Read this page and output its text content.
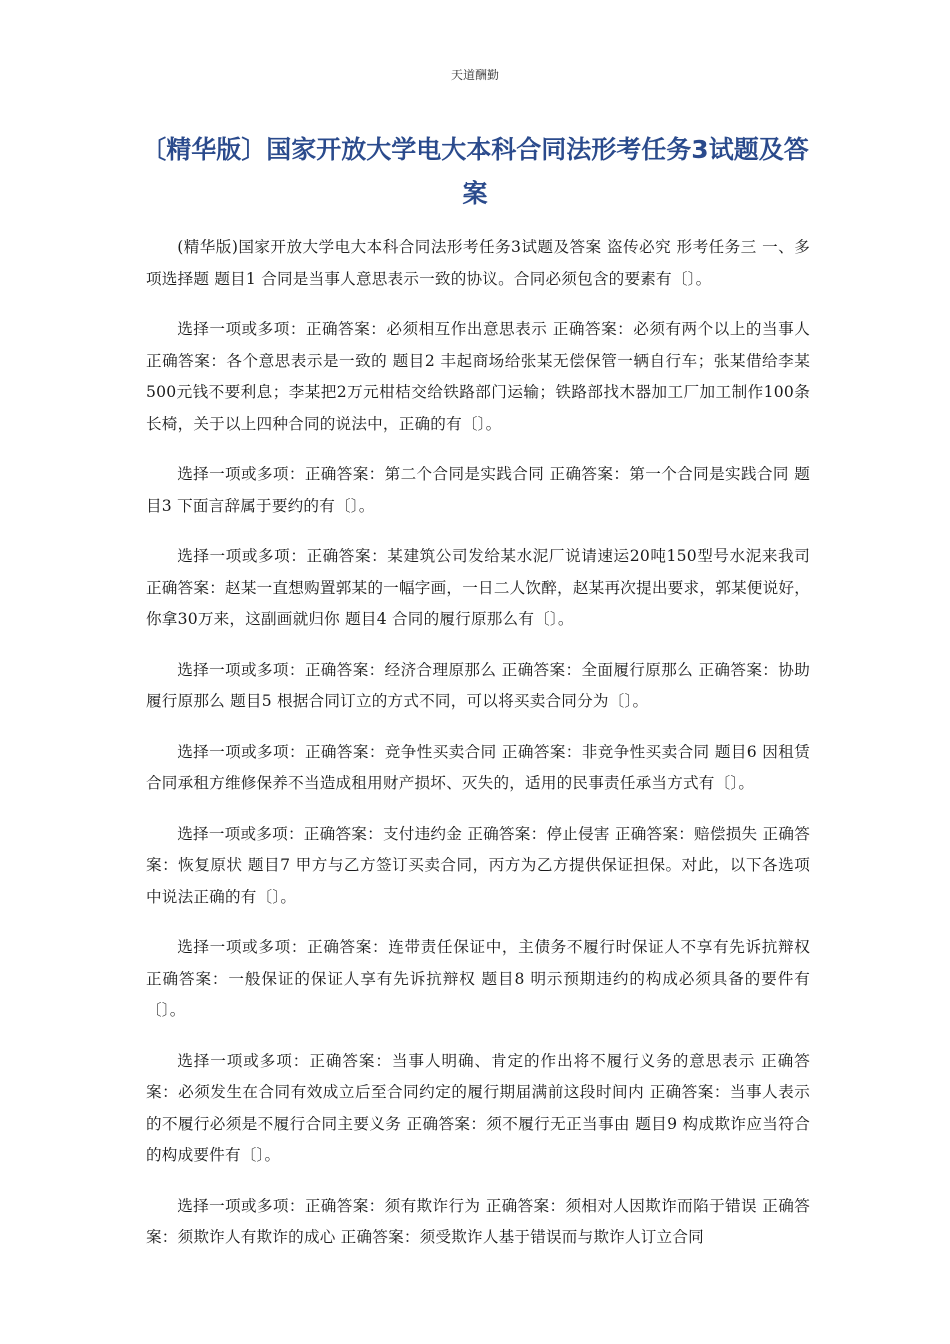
天道酬勤
〔精华版〕国家开放大学电大本科合同法形考任务3试题及答案

(精华版)国家开放大学电大本科合同法形考任务3试题及答案 盗传必究 形考任务三 一、多项选择题 题目1 合同是当事人意思表示一致的协议。合同必须包含的要素有〔〕。

选择一项或多项：正确答案：必须相互作出意思表示 正确答案：必须有两个以上的当事人 正确答案：各个意思表示是一致的 题目2 丰起商场给张某无偿保管一辆自行车；张某借给李某500元钱不要利息；李某把2万元柑桔交给铁路部门运输；铁路部找木器加工厂加工制作100条长椅，关于以上四种合同的说法中，正确的有〔〕。

选择一项或多项：正确答案：第二个合同是实践合同 正确答案：第一个合同是实践合同 题目3 下面言辞属于要约的有〔〕。

选择一项或多项：正确答案：某建筑公司发给某水泥厂说请速运20吨150型号水泥来我司 正确答案：赵某一直想购置郭某的一幅字画，一日二人饮醉，赵某再次提出要求，郭某便说好，你拿30万来，这副画就归你 题目4 合同的履行原那么有〔〕。

选择一项或多项：正确答案：经济合理原那么 正确答案：全面履行原那么 正确答案：协助履行原那么 题目5 根据合同订立的方式不同，可以将买卖合同分为〔〕。

选择一项或多项：正确答案：竞争性买卖合同 正确答案：非竞争性买卖合同 题目6 因租赁合同承租方维修保养不当造成租用财产损坏、灭失的，适用的民事责任承当方式有〔〕。

选择一项或多项：正确答案：支付违约金 正确答案：停止侵害 正确答案：赔偿损失 正确答案：恢复原状 题目7 甲方与乙方签订买卖合同，丙方为乙方提供保证担保。对此，以下各选项中说法正确的有〔〕。

选择一项或多项：正确答案：连带责任保证中，主债务不履行时保证人不享有先诉抗辩权 正确答案：一般保证的保证人享有先诉抗辩权 题目8 明示预期违约的构成必须具备的要件有〔〕。

选择一项或多项：正确答案：当事人明确、肯定的作出将不履行义务的意思表示 正确答案：必须发生在合同有效成立后至合同约定的履行期届满前这段时间内 正确答案：当事人表示的不履行必须是不履行合同主要义务 正确答案：须不履行无正当事由 题目9 构成欺诈应当符合的构成要件有〔〕。

选择一项或多项：正确答案：须有欺诈行为 正确答案：须相对人因欺诈而陷于错误 正确答案：须欺诈人有欺诈的成心 正确答案：须受欺诈人基于错误而与欺诈人订立合同
